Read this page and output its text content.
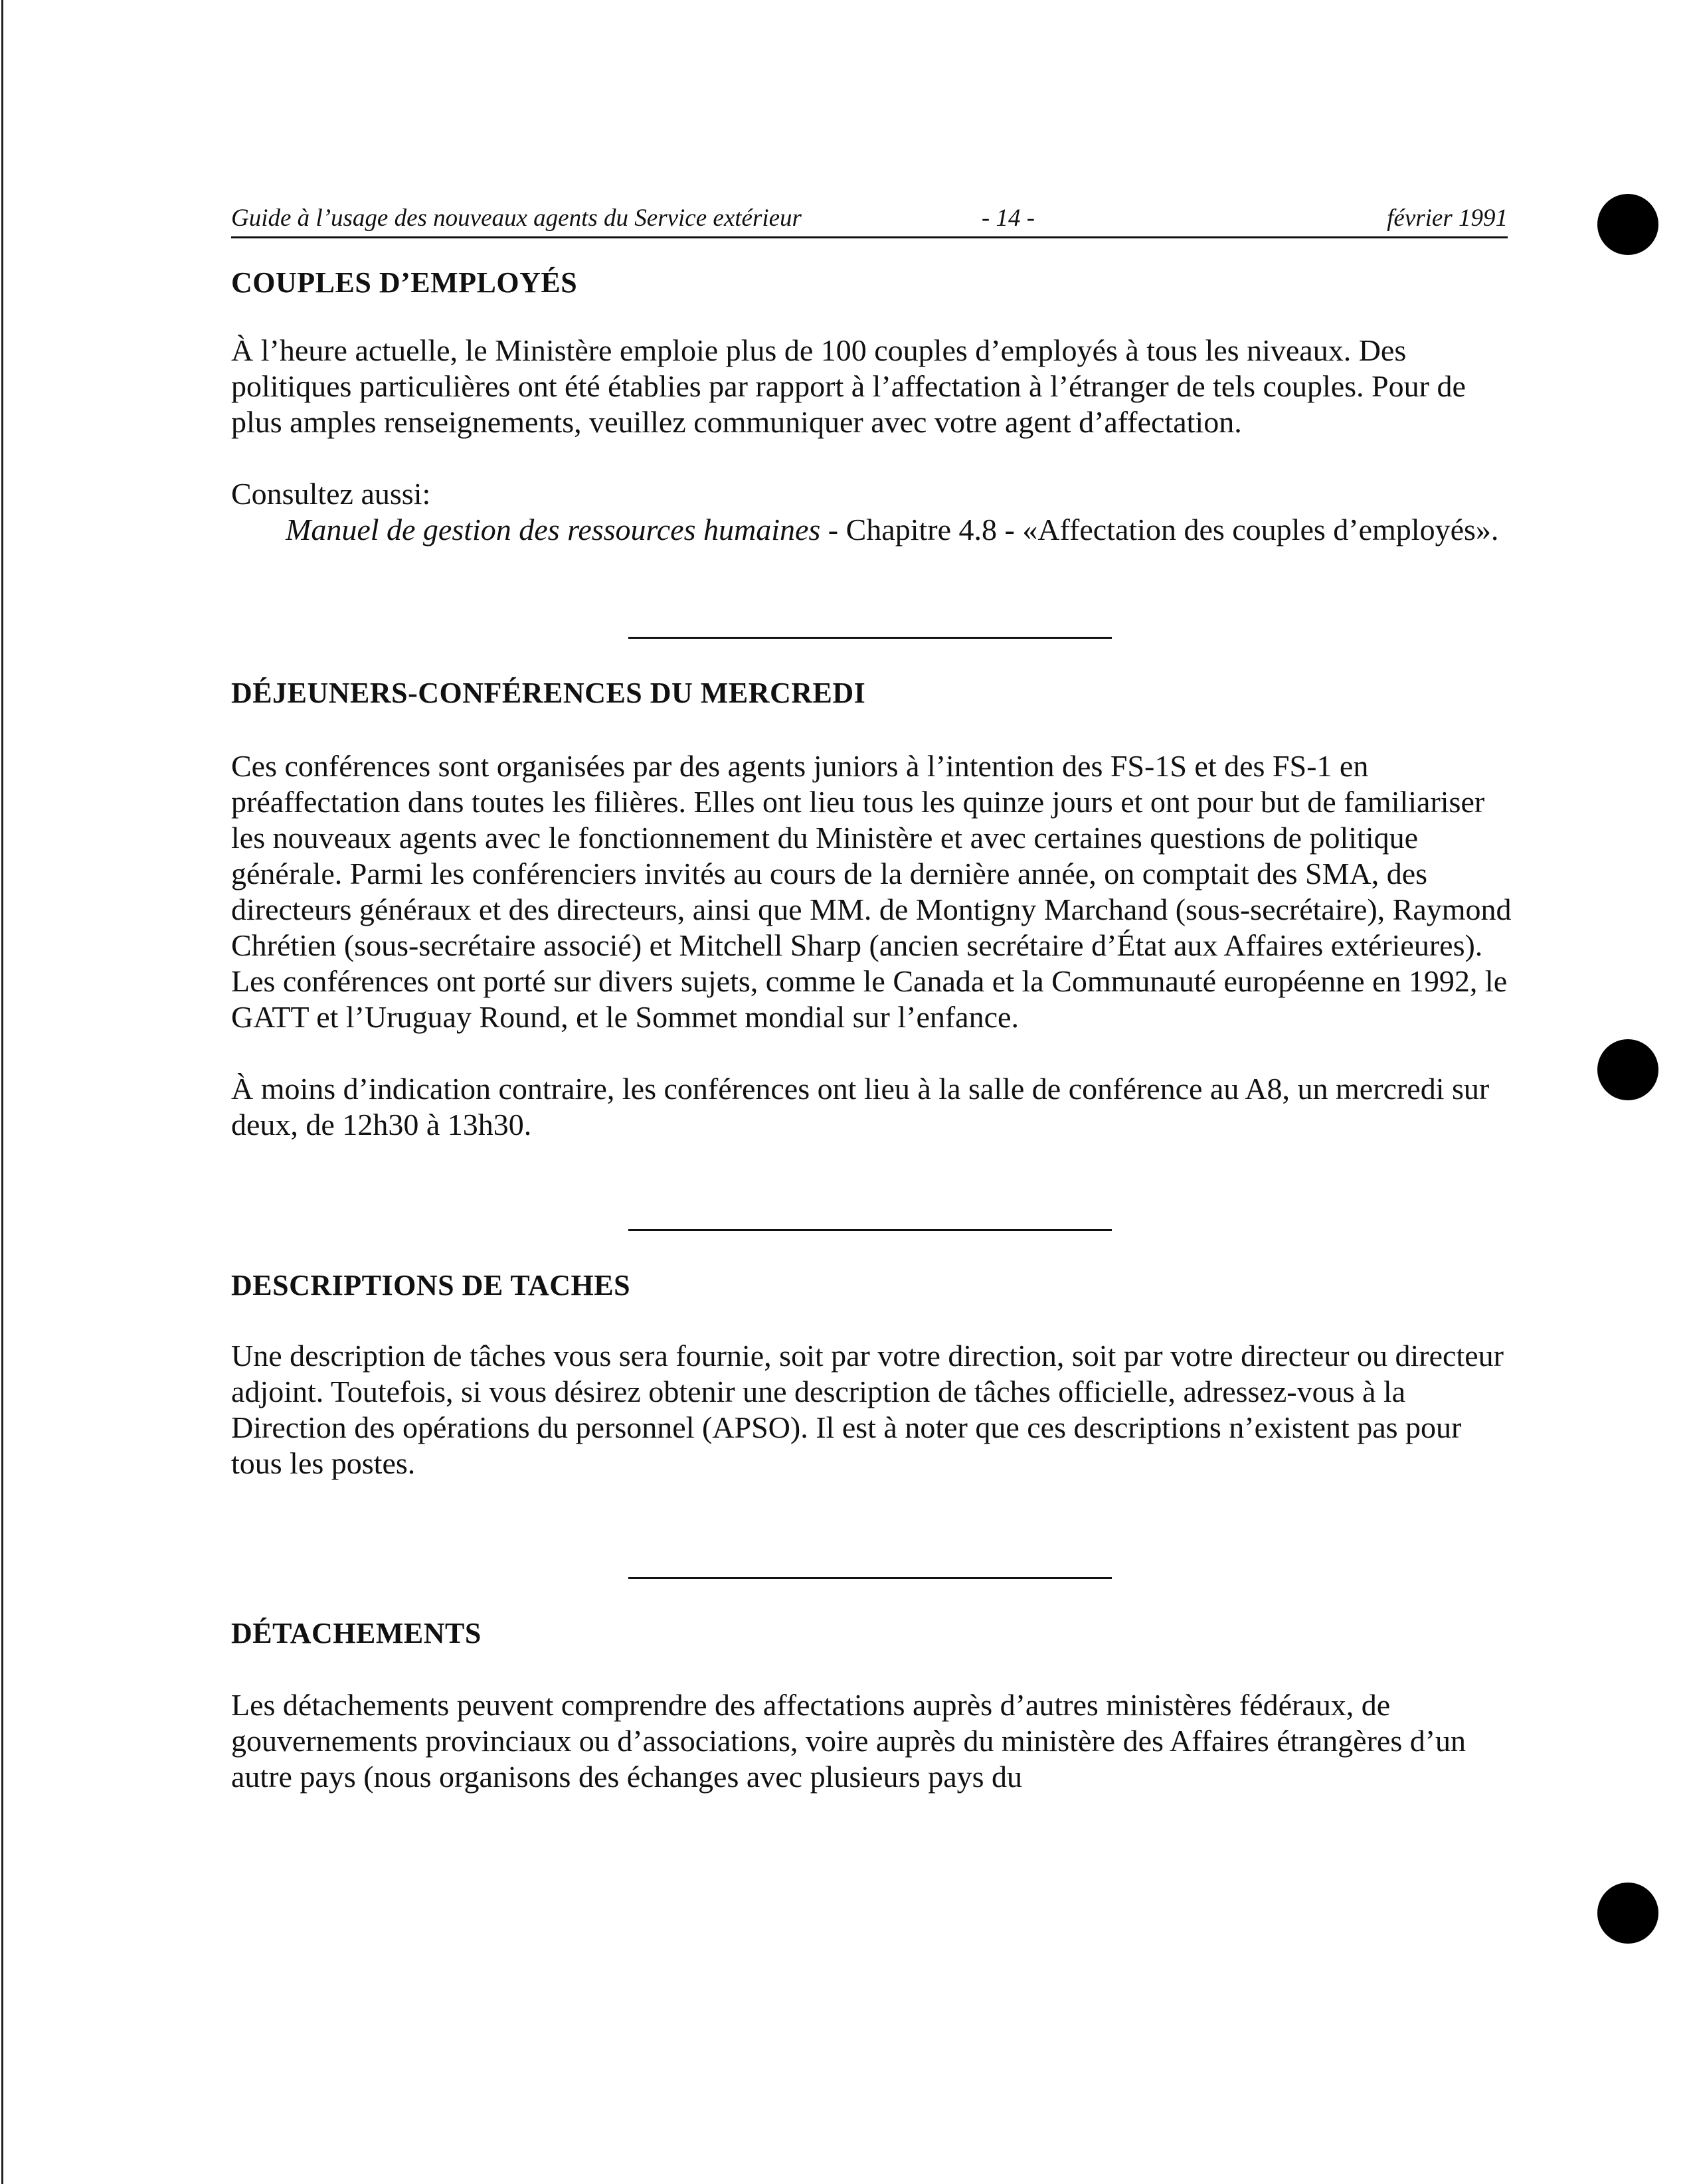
Guide à l’usage des nouveaux agents du Service extérieur	- 14 -	février 1991
COUPLES D’EMPLOYÉS

À l’heure actuelle, le Ministère emploie plus de 100 couples d’employés à tous les niveaux. Des politiques particulières ont été établies par rapport à l’affectation à l’étranger de tels couples. Pour de plus amples renseignements, veuillez communiquer avec votre agent d’affectation.

Consultez aussi:

Manuel de gestion des ressources humaines - Chapitre 4.8 - «Affectation des couples d’employés».

DÉJEUNERS-CONFÉRENCES DU MERCREDI

Ces conférences sont organisées par des agents juniors à l’intention des FS-1S et des FS-1 en préaffectation dans toutes les filières. Elles ont lieu tous les quinze jours et ont pour but de familiariser les nouveaux agents avec le fonctionnement du Ministère et avec certaines questions de politique générale. Parmi les conférenciers invités au cours de la dernière année, on comptait des SMA, des directeurs généraux et des directeurs, ainsi que MM. de Montigny Marchand (sous-secrétaire), Raymond Chrétien (sous-secrétaire associé) et Mitchell Sharp (ancien secrétaire d’État aux Affaires extérieures). Les conférences ont porté sur divers sujets, comme le Canada et la Communauté européenne en 1992, le GATT et l’Uruguay Round, et le Sommet mondial sur l’enfance.

À moins d’indication contraire, les conférences ont lieu à la salle de conférence au A8, un mercredi sur deux, de 12h30 à 13h30.

DESCRIPTIONS DE TACHES

Une description de tâches vous sera fournie, soit par votre direction, soit par votre directeur ou directeur adjoint. Toutefois, si vous désirez obtenir une description de tâches officielle, adressez-vous à la Direction des opérations du personnel (APSO). Il est à noter que ces descriptions n’existent pas pour tous les postes.

DÉTACHEMENTS

Les détachements peuvent comprendre des affectations auprès d’autres ministères fédéraux, de gouvernements provinciaux ou d’associations, voire auprès du ministère des Affaires étrangères d’un autre pays (nous organisons des échanges avec plusieurs pays du
